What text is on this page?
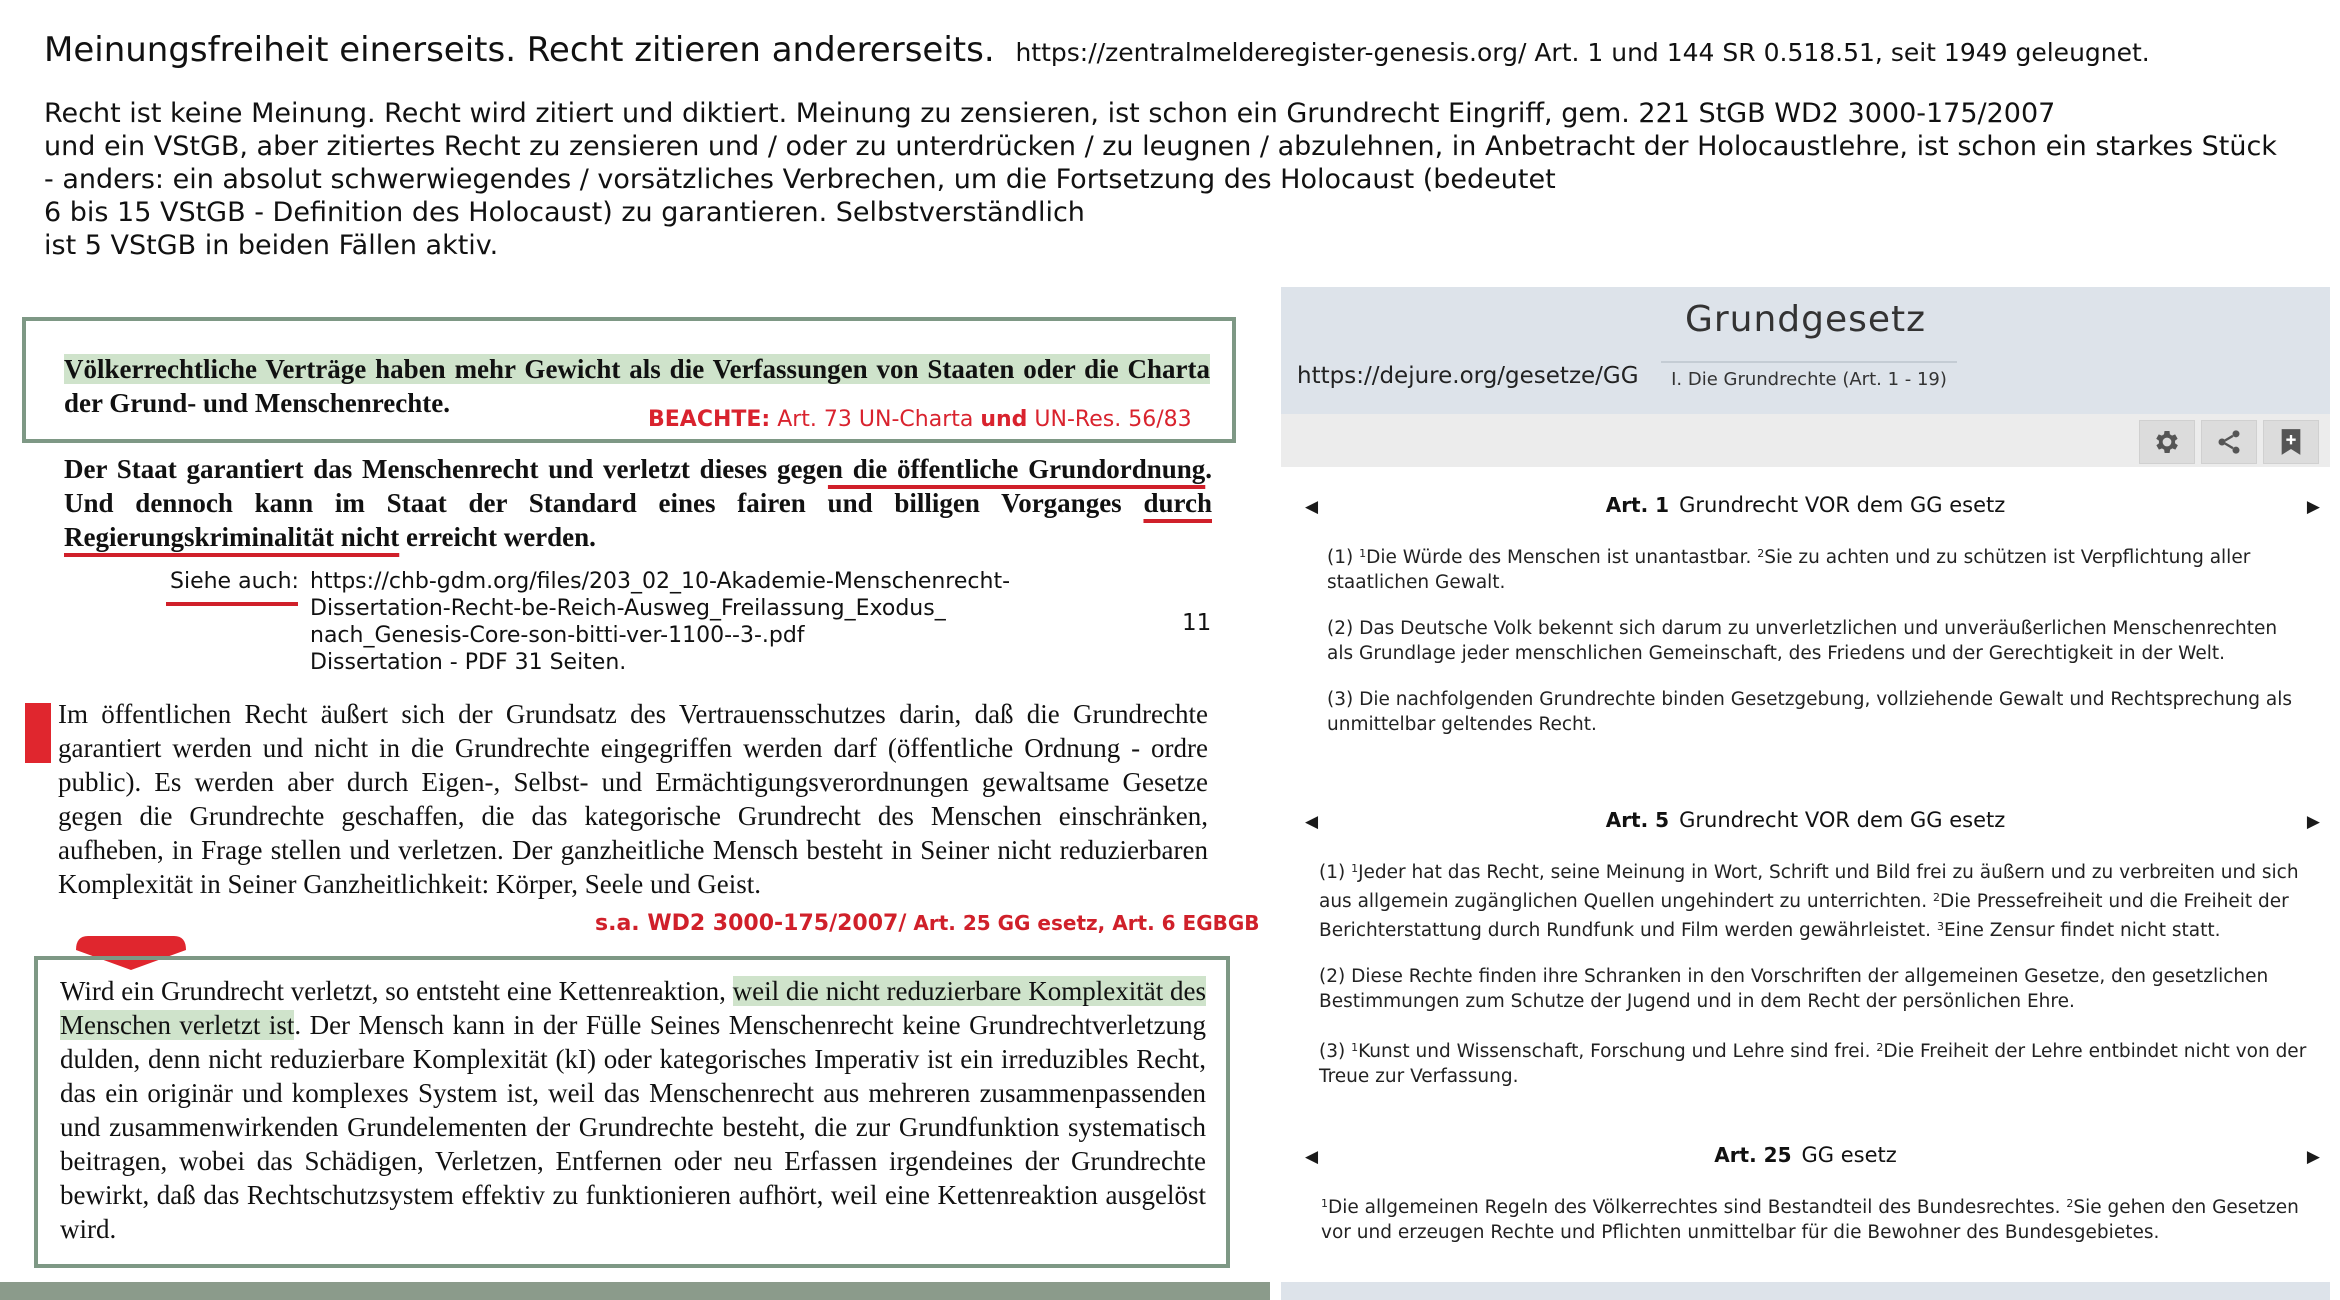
Meinungsfreiheit einerseits. Recht zitieren andererseits. https://zentralmelderegister-genesis.org/ Art. 1 und 144 SR 0.518.51, seit 1949 geleugnet.
Recht ist keine Meinung. Recht wird zitiert und diktiert. Meinung zu zensieren, ist schon ein Grundrecht Eingriff, gem. 221 StGB WD2 3000-175/2007
und ein VStGB, aber zitiertes Recht zu zensieren und / oder zu unterdrücken / zu leugnen / abzulehnen, in Anbetracht der Holocaustlehre, ist schon ein starkes Stück
- anders: ein absolut schwerwiegendes / vorsätzliches Verbrechen, um die Fortsetzung des Holocaust (bedeutet
6 bis 15 VStGB - Definition des Holocaust) zu garantieren. Selbstverständlich
ist 5 VStGB in beiden Fällen aktiv.
Völkerrechtliche Verträge haben mehr Gewicht als die Verfassungen von Staaten oder die Charta der Grund- und Menschenrechte.
BEACHTE: Art. 73 UN-Charta und UN-Res. 56/83
Der Staat garantiert das Menschenrecht und verletzt dieses gegen die öffentliche Grundordnung. Und dennoch kann im Staat der Standard eines fairen und billigen Vorganges durch Regierungskriminalität nicht erreicht werden.
Siehe auch: https://chb-gdm.org/files/203_02_10-Akademie-Menschenrecht-
Dissertation-Recht-be-Reich-Ausweg_Freilassung_Exodus_
nach_Genesis-Core-son-bitti-ver-1100--3-.pdf
Dissertation - PDF 31 Seiten.
11
Im öffentlichen Recht äußert sich der Grundsatz des Vertrauensschutzes darin, daß die Grundrechte garantiert werden und nicht in die Grundrechte eingegriffen werden darf (öffentliche Ordnung - ordre public). Es werden aber durch Eigen-, Selbst- und Ermächtigungsverordnungen gewaltsame Gesetze gegen die Grundrechte geschaffen, die das kategorische Grundrecht des Menschen einschränken, aufheben, in Frage stellen und verletzen. Der ganzheitliche Mensch besteht in Seiner nicht reduzierbaren Komplexität in Seiner Ganzheitlichkeit: Körper, Seele und Geist.
s.a. WD2 3000-175/2007/ Art. 25 GG esetz, Art. 6 EGBGB

Wird ein Grundrecht verletzt, so entsteht eine Kettenreaktion, weil die nicht reduzierbare Komplexität des Menschen verletzt ist. Der Mensch kann in der Fülle Seines Menschenrecht keine Grundrechtverletzung dulden, denn nicht reduzierbare Komplexität (kI) oder kategorisches Imperativ ist ein irreduzibles Recht, das ein originär und komplexes System ist, weil das Menschenrecht aus mehreren zusammenpassenden und zusammenwirkenden Grundelementen der Grundrechte besteht, die zur Grundfunktion systematisch beitragen, wobei das Schädigen, Verletzen, Entfernen oder neu Erfassen irgendeines der Grundrechte bewirkt, daß das Rechtschutzsystem effektiv zu funktionieren aufhört, weil eine Kettenreaktion ausgelöst wird.

Grundgesetz
https://dejure.org/gesetze/GG	I. Die Grundrechte (Art. 1 - 19)
◀	Art. 1 Grundrecht VOR dem GG esetz	▶

(1) $^1$Die Würde des Menschen ist unantastbar. $^2$Sie zu achten und zu schützen ist Verpflichtung aller staatlichen Gewalt.

(2) Das Deutsche Volk bekennt sich darum zu unverletzlichen und unveräußerlichen Menschenrechten als Grundlage jeder menschlichen Gemeinschaft, des Friedens und der Gerechtigkeit in der Welt.

(3) Die nachfolgenden Grundrechte binden Gesetzgebung, vollziehende Gewalt und Rechtsprechung als unmittelbar geltendes Recht.

◀	Art. 5 Grundrecht VOR dem GG esetz	▶

(1) $^1$Jeder hat das Recht, seine Meinung in Wort, Schrift und Bild frei zu äußern und zu verbreiten und sich aus allgemein zugänglichen Quellen ungehindert zu unterrichten. $^2$Die Pressefreiheit und die Freiheit der Berichterstattung durch Rundfunk und Film werden gewährleistet. $^3$Eine Zensur findet nicht statt.

(2) Diese Rechte finden ihre Schranken in den Vorschriften der allgemeinen Gesetze, den gesetzlichen Bestimmungen zum Schutze der Jugend und in dem Recht der persönlichen Ehre.

(3) $^1$Kunst und Wissenschaft, Forschung und Lehre sind frei. $^2$Die Freiheit der Lehre entbindet nicht von der Treue zur Verfassung.

◀	Art. 25 GG esetz	▶

$^1$Die allgemeinen Regeln des Völkerrechtes sind Bestandteil des Bundesrechtes. $^2$Sie gehen den Gesetzen vor und erzeugen Rechte und Pflichten unmittelbar für die Bewohner des Bundesgebietes.
